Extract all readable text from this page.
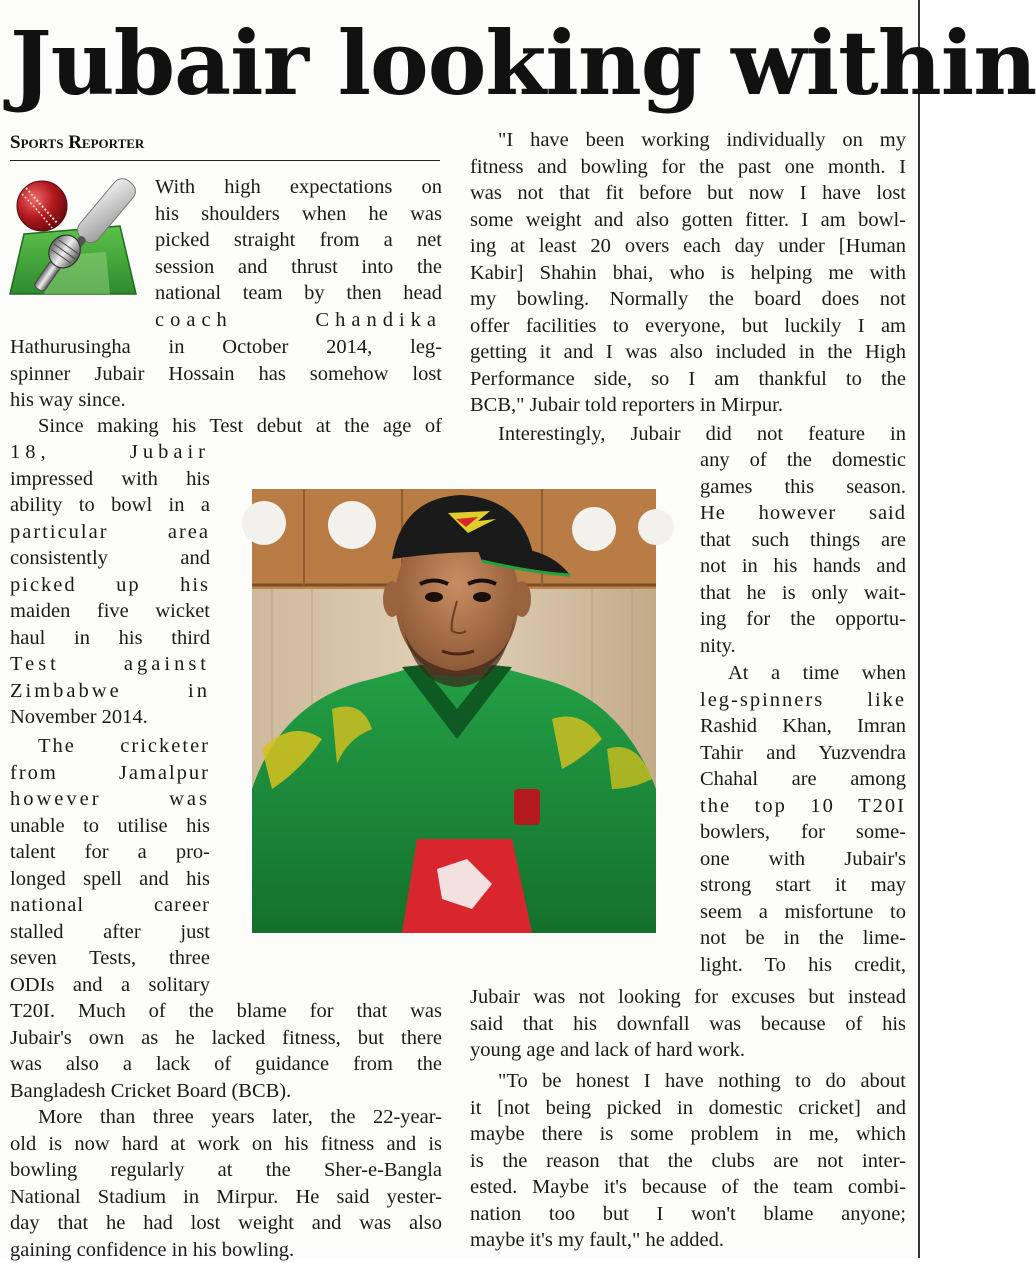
Jubair looking within
Sports Reporter
With high expectations on
his shoulders when he was
picked straight from a net
session and thrust into the
national team by then head
coach Chandika
Hathurusingha in October 2014, leg-
spinner Jubair Hossain has somehow lost
his way since.
Since making his Test debut at the age of
18, Jubair
impressed with his
ability to bowl in a
particular area
consistently and
picked up his
maiden five wicket
haul in his third
Test against
Zimbabwe in
November 2014.
The cricketer
from Jamalpur
however was
unable to utilise his
talent for a pro-
longed spell and his
national career
stalled after just
seven Tests, three
ODIs and a solitary
T20I. Much of the blame for that was
Jubair's own as he lacked fitness, but there
was also a lack of guidance from the
Bangladesh Cricket Board (BCB).
More than three years later, the 22-year-
old is now hard at work on his fitness and is
bowling regularly at the Sher-e-Bangla
National Stadium in Mirpur. He said yester-
day that he had lost weight and was also
gaining confidence in his bowling.
"I have been working individually on my
fitness and bowling for the past one month. I
was not that fit before but now I have lost
some weight and also gotten fitter. I am bowl-
ing at least 20 overs each day under [Human
Kabir] Shahin bhai, who is helping me with
my bowling. Normally the board does not
offer facilities to everyone, but luckily I am
getting it and I was also included in the High
Performance side, so I am thankful to the
BCB," Jubair told reporters in Mirpur.
Interestingly, Jubair did not feature in
any of the domestic
games this season.
He however said
that such things are
not in his hands and
that he is only wait-
ing for the opportu-
nity.
At a time when
leg-spinners like
Rashid Khan, Imran
Tahir and Yuzvendra
Chahal are among
the top 10 T20I
bowlers, for some-
one with Jubair's
strong start it may
seem a misfortune to
not be in the lime-
light. To his credit,
Jubair was not looking for excuses but instead
said that his downfall was because of his
young age and lack of hard work.
"To be honest I have nothing to do about
it [not being picked in domestic cricket] and
maybe there is some problem in me, which
is the reason that the clubs are not inter-
ested. Maybe it's because of the team combi-
nation too but I won't blame anyone;
maybe it's my fault," he added.
